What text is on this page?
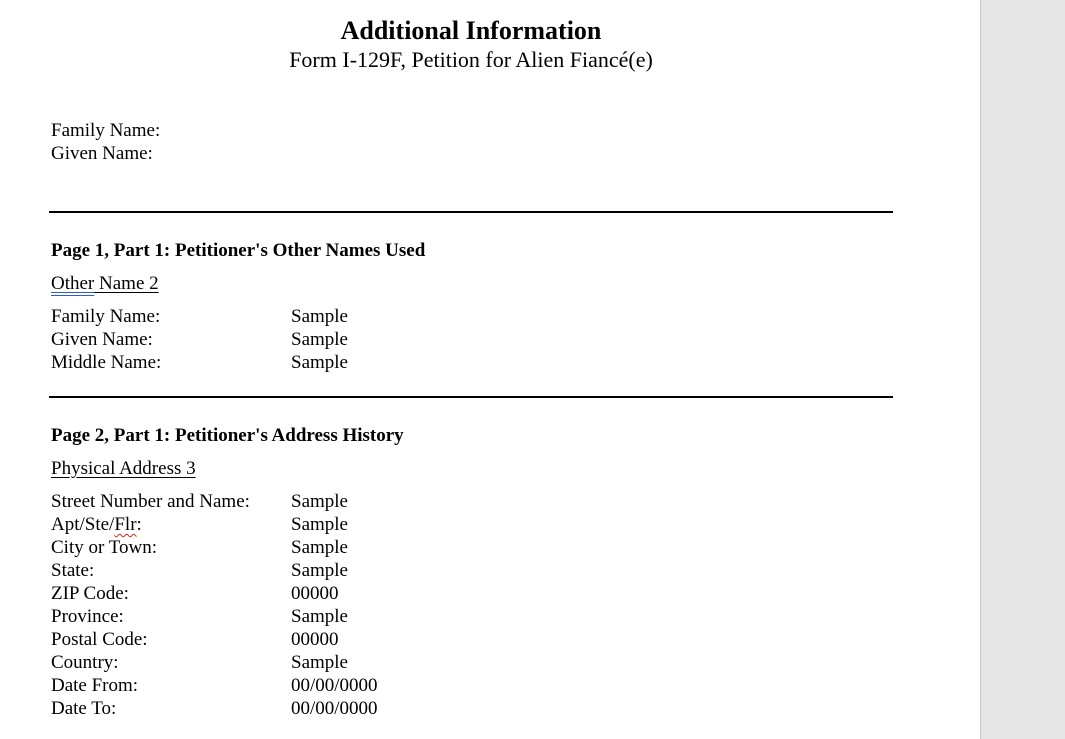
Additional Information
Form I-129F, Petition for Alien Fiancé(e)
Family Name:
Given Name:
Page 1, Part 1: Petitioner's Other Names Used
Other Name 2
Family Name:	Sample
Given Name:	Sample
Middle Name:	Sample
Page 2, Part 1: Petitioner's Address History
Physical Address 3
Street Number and Name: Sample
Apt/Ste/Flr:	Sample
City or Town:	Sample
State:	Sample
ZIP Code:	00000
Province:	Sample
Postal Code:	00000
Country:	Sample
Date From:	00/00/0000
Date To:	00/00/0000
